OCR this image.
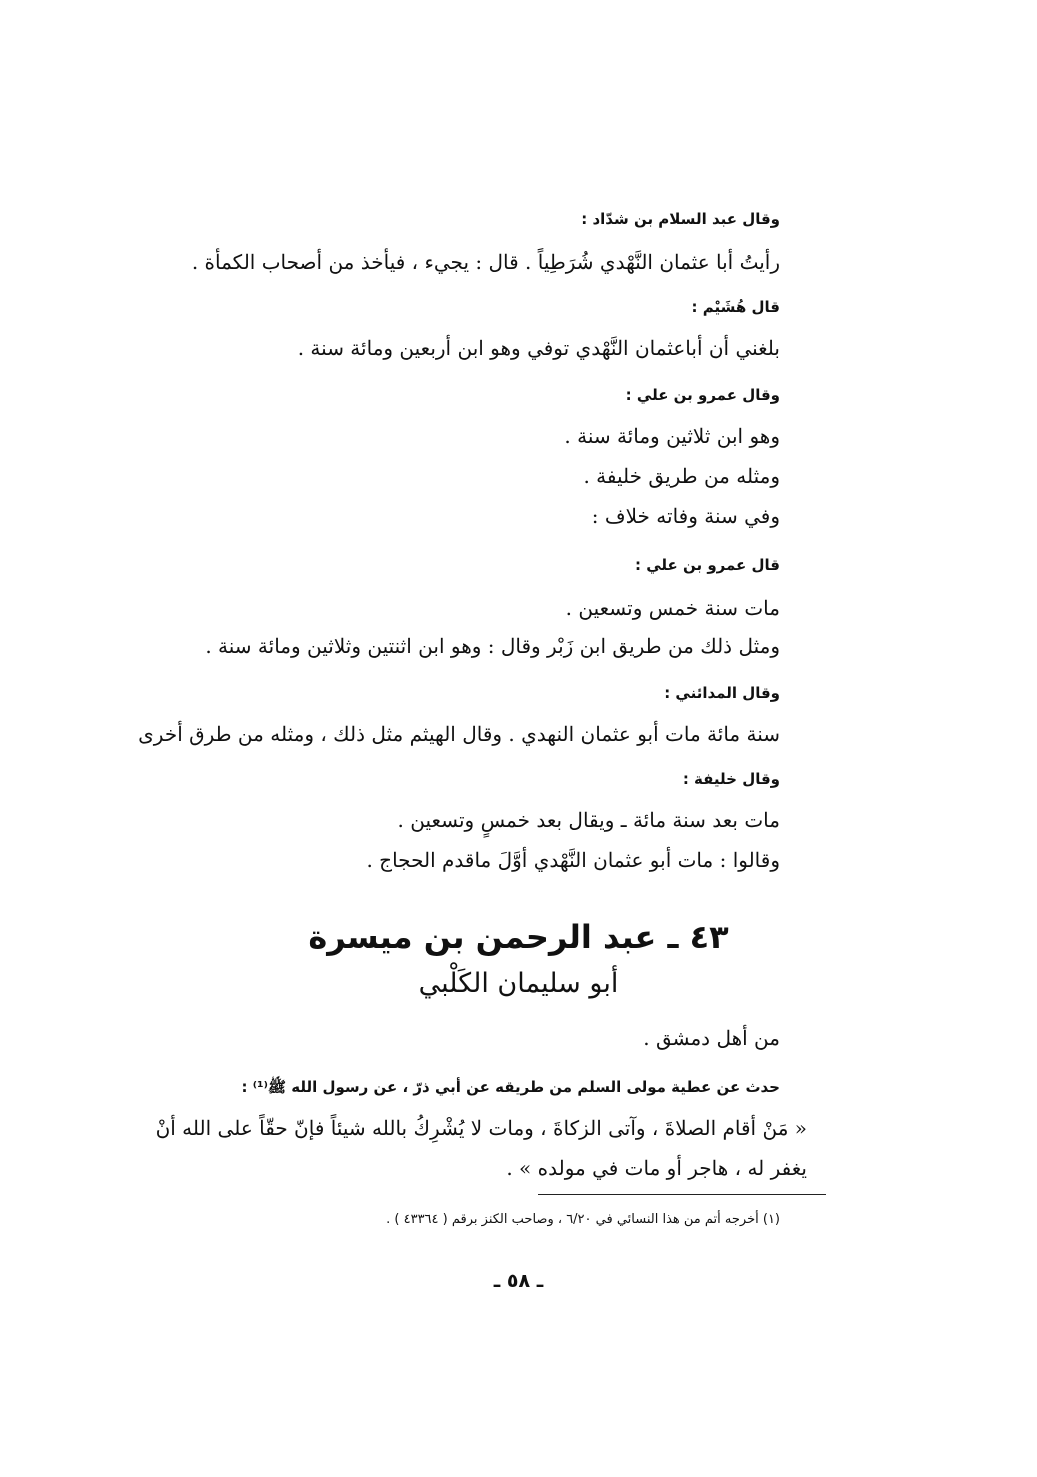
وقال عبد السلام بن شدّاد :
رأيتُ أبا عثمان النَّهْدي شُرَطِياً . قال : يجيء ، فيأخذ من أصحاب الكمأة .
قال هُشَيْم :
بلغني أن أباعثمان النَّهْدي توفي وهو ابن أربعين ومائة سنة .
وقال عمرو بن علي :
وهو ابن ثلاثين ومائة سنة .
ومثله من طريق خليفة .
وفي سنة وفاته خلاف :
قال عمرو بن علي :
مات سنة خمس وتسعين .
ومثل ذلك من طريق ابن زَبْر وقال : وهو ابن اثنتين وثلاثين ومائة سنة .
وقال المدائني :
سنة مائة مات أبو عثمان النهدي . وقال الهيثم مثل ذلك ، ومثله من طرق أخرى
وقال خليفة :
مات بعد سنة مائة ـ ويقال بعد خمسٍ وتسعين .
وقالوا : مات أبو عثمان النَّهْدي أوَّلَ ماقدم الحجاج .
٤٣ ـ عبد الرحمن بن ميسرة
أبو سليمان الكَلْبي
من أهل دمشق .
حدث عن عطية مولى السلم من طريقه عن أبي ذرّ ، عن رسول الله ﷺ⁽¹⁾ :
« مَنْ أقام الصلاةَ ، وآتى الزكاةَ ، ومات لا يُشْرِكُ بالله شيئاً فإنّ حقّاً على الله أنْ
يغفر له ، هاجر أو مات في مولده » .
(١) أخرجه أتم من هذا النسائي في ٦/٢٠ ، وصاحب الكنز برقم ( ٤٣٣٦٤ ) .
ـ ٥٨ ـ
